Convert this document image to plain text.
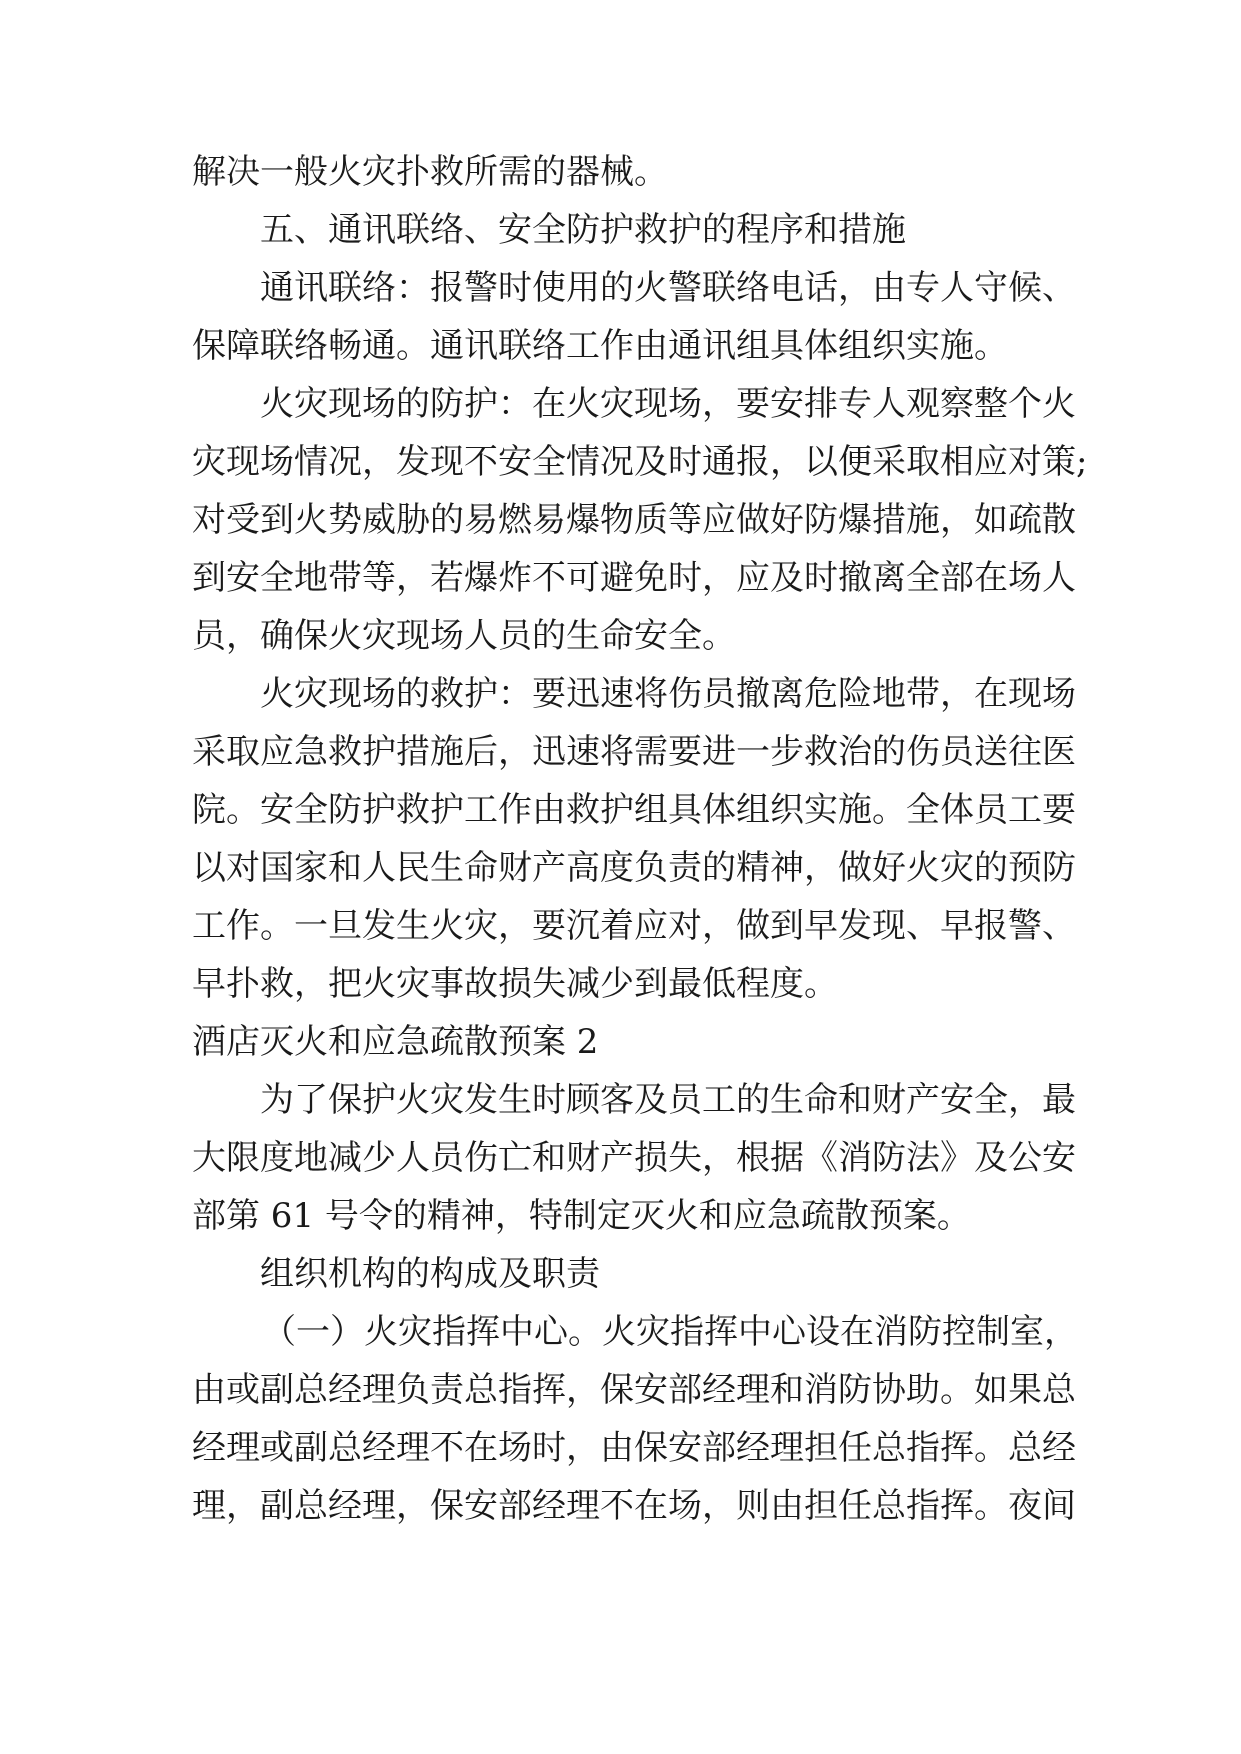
解决一般火灾扑救所需的器械。
五、通讯联络、安全防护救护的程序和措施
通讯联络：报警时使用的火警联络电话，由专人守候、
保障联络畅通。通讯联络工作由通讯组具体组织实施。
火灾现场的防护：在火灾现场，要安排专人观察整个火
灾现场情况，发现不安全情况及时通报，以便采取相应对策;
对受到火势威胁的易燃易爆物质等应做好防爆措施，如疏散
到安全地带等，若爆炸不可避免时，应及时撤离全部在场人
员，确保火灾现场人员的生命安全。
火灾现场的救护：要迅速将伤员撤离危险地带，在现场
采取应急救护措施后，迅速将需要进一步救治的伤员送往医
院。安全防护救护工作由救护组具体组织实施。全体员工要
以对国家和人民生命财产高度负责的精神，做好火灾的预防
工作。一旦发生火灾，要沉着应对，做到早发现、早报警、
早扑救，把火灾事故损失减少到最低程度。
酒店灭火和应急疏散预案 2
为了保护火灾发生时顾客及员工的生命和财产安全，最
大限度地减少人员伤亡和财产损失，根据《消防法》及公安
部第 61 号令的精神，特制定灭火和应急疏散预案。
组织机构的构成及职责
（一）火灾指挥中心。火灾指挥中心设在消防控制室，
由或副总经理负责总指挥，保安部经理和消防协助。如果总
经理或副总经理不在场时，由保安部经理担任总指挥。总经
理，副总经理，保安部经理不在场，则由担任总指挥。夜间
